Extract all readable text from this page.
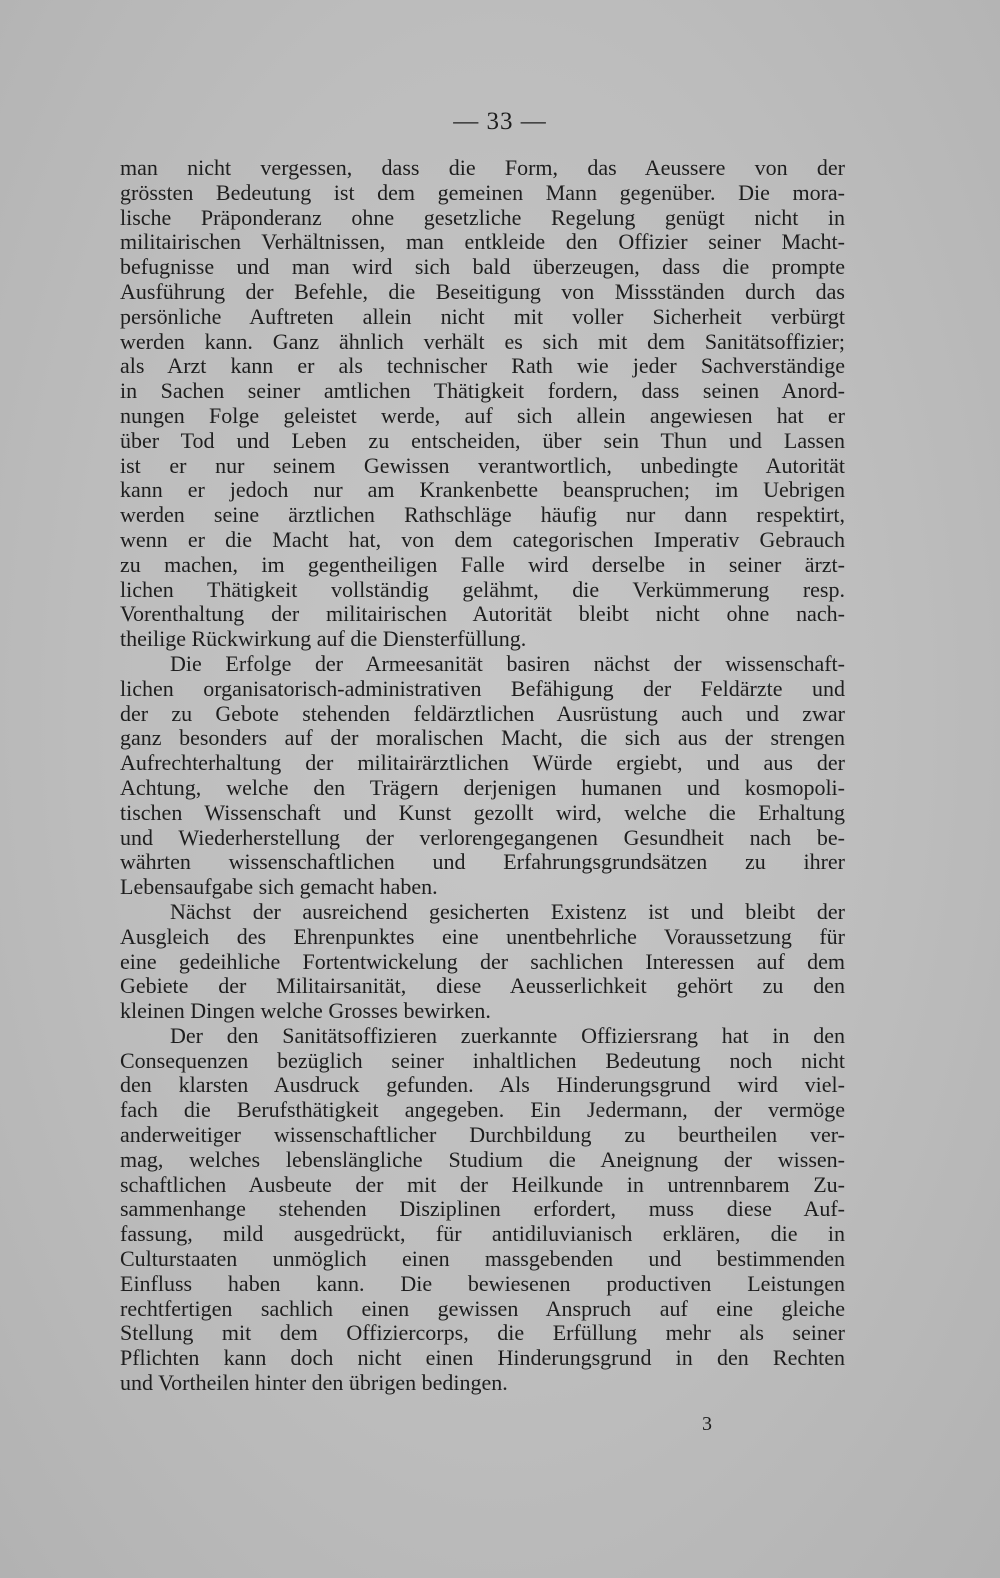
— 33 —
man nicht vergessen, dass die Form, das Aeussere von der
grössten Bedeutung ist dem gemeinen Mann gegenüber. Die mora-
lische Präponderanz ohne gesetzliche Regelung genügt nicht in
militairischen Verhältnissen, man entkleide den Offizier seiner Macht-
befugnisse und man wird sich bald überzeugen, dass die prompte
Ausführung der Befehle, die Beseitigung von Missständen durch das
persönliche Auftreten allein nicht mit voller Sicherheit verbürgt
werden kann. Ganz ähnlich verhält es sich mit dem Sanitätsoffizier;
als Arzt kann er als technischer Rath wie jeder Sachverständige
in Sachen seiner amtlichen Thätigkeit fordern, dass seinen Anord-
nungen Folge geleistet werde, auf sich allein angewiesen hat er
über Tod und Leben zu entscheiden, über sein Thun und Lassen
ist er nur seinem Gewissen verantwortlich, unbedingte Autorität
kann er jedoch nur am Krankenbette beanspruchen; im Uebrigen
werden seine ärztlichen Rathschläge häufig nur dann respektirt,
wenn er die Macht hat, von dem categorischen Imperativ Gebrauch
zu machen, im gegentheiligen Falle wird derselbe in seiner ärzt-
lichen Thätigkeit vollständig gelähmt, die Verkümmerung resp.
Vorenthaltung der militairischen Autorität bleibt nicht ohne nach-
theilige Rückwirkung auf die Diensterfüllung.
Die Erfolge der Armeesanität basiren nächst der wissenschaft-
lichen organisatorisch-administrativen Befähigung der Feldärzte und
der zu Gebote stehenden feldärztlichen Ausrüstung auch und zwar
ganz besonders auf der moralischen Macht, die sich aus der strengen
Aufrechterhaltung der militairärztlichen Würde ergiebt, und aus der
Achtung, welche den Trägern derjenigen humanen und kosmopoli-
tischen Wissenschaft und Kunst gezollt wird, welche die Erhaltung
und Wiederherstellung der verlorengegangenen Gesundheit nach be-
währten wissenschaftlichen und Erfahrungsgrundsätzen zu ihrer
Lebensaufgabe sich gemacht haben.
Nächst der ausreichend gesicherten Existenz ist und bleibt der
Ausgleich des Ehrenpunktes eine unentbehrliche Voraussetzung für
eine gedeihliche Fortentwickelung der sachlichen Interessen auf dem
Gebiete der Militairsanität, diese Aeusserlichkeit gehört zu den
kleinen Dingen welche Grosses bewirken.
Der den Sanitätsoffizieren zuerkannte Offiziersrang hat in den
Consequenzen bezüglich seiner inhaltlichen Bedeutung noch nicht
den klarsten Ausdruck gefunden. Als Hinderungsgrund wird viel-
fach die Berufsthätigkeit angegeben. Ein Jedermann, der vermöge
anderweitiger wissenschaftlicher Durchbildung zu beurtheilen ver-
mag, welches lebenslängliche Studium die Aneignung der wissen-
schaftlichen Ausbeute der mit der Heilkunde in untrennbarem Zu-
sammenhange stehenden Disziplinen erfordert, muss diese Auf-
fassung, mild ausgedrückt, für antidiluvianisch erklären, die in
Culturstaaten unmöglich einen massgebenden und bestimmenden
Einfluss haben kann. Die bewiesenen productiven Leistungen
rechtfertigen sachlich einen gewissen Anspruch auf eine gleiche
Stellung mit dem Offiziercorps, die Erfüllung mehr als seiner
Pflichten kann doch nicht einen Hinderungsgrund in den Rechten
und Vortheilen hinter den übrigen bedingen.
3
